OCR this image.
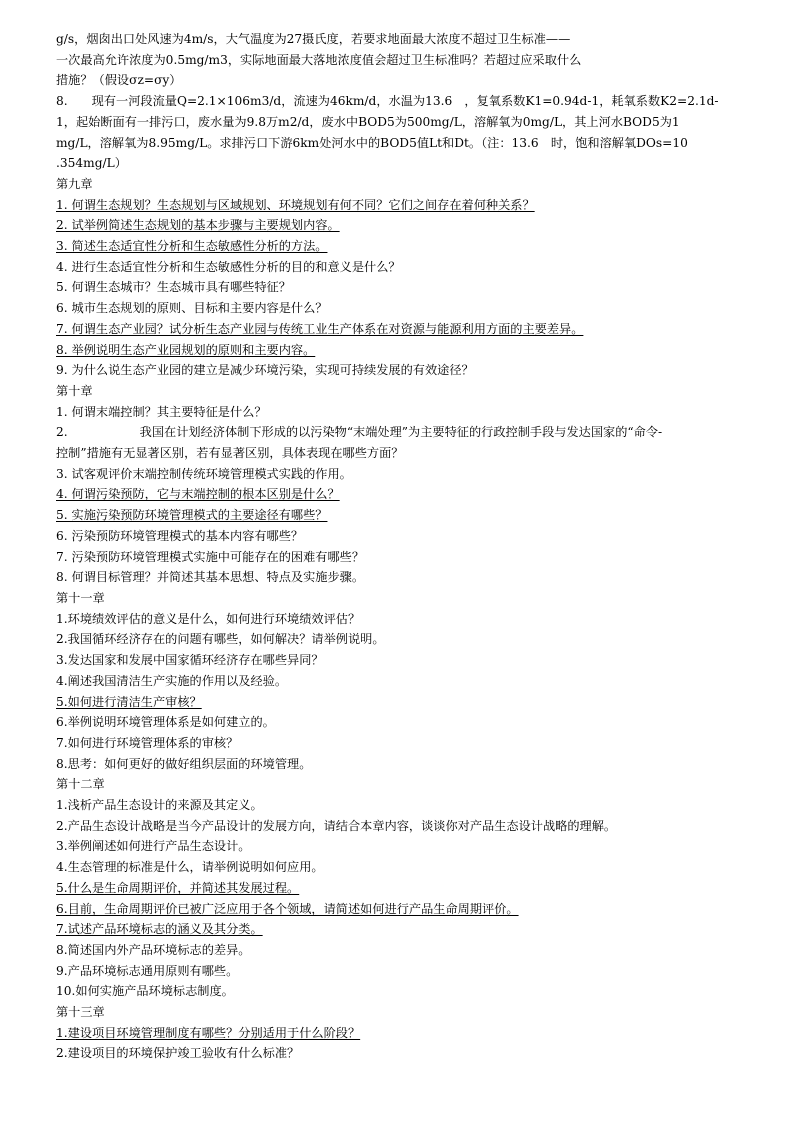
g/s，烟囱出口处风速为4m/s，大气温度为27摄氏度，若要求地面最大浓度不超过卫生标准——
一次最高允许浓度为0.5mg/m3，实际地面最大落地浓度值会超过卫生标准吗？若超过应采取什么
措施？（假设σz=σy）
8. 现有一河段流量Q=2.1×106m3/d，流速为46km/d，水温为13.6　，复氧系数K1=0.94d-1，耗氧系数K2=2.1d-
1，起始断面有一排污口，废水量为9.8万m2/d，废水中BOD5为500mg/L，溶解氧为0mg/L，其上河水BOD5为1
mg/L，溶解氧为8.95mg/L。求排污口下游6km处河水中的BOD5值Lt和Dt。（注：13.6　时，饱和溶解氧DOs=10
.354mg/L）
第九章
1. 何谓生态规划？生态规划与区域规划、环境规划有何不同？它们之间存在着何种关系？
2. 试举例简述生态规划的基本步骤与主要规划内容。
3. 简述生态适宜性分析和生态敏感性分析的方法。
4. 进行生态适宜性分析和生态敏感性分析的目的和意义是什么？
5. 何谓生态城市？生态城市具有哪些特征？
6. 城市生态规划的原则、目标和主要内容是什么？
7. 何谓生态产业园？试分析生态产业园与传统工业生产体系在对资源与能源利用方面的主要差异。
8. 举例说明生态产业园规划的原则和主要内容。
9. 为什么说生态产业园的建立是减少环境污染，实现可持续发展的有效途径？
第十章
1. 何谓末端控制？其主要特征是什么？
2.	我国在计划经济体制下形成的以污染物“末端处理”为主要特征的行政控制手段与发达国家的“命令-
控制”措施有无显著区别，若有显著区别，具体表现在哪些方面？
3. 试客观评价末端控制传统环境管理模式实践的作用。
4. 何谓污染预防，它与末端控制的根本区别是什么？
5. 实施污染预防环境管理模式的主要途径有哪些？
6. 污染预防环境管理模式的基本内容有哪些？
7. 污染预防环境管理模式实施中可能存在的困难有哪些？
8. 何谓目标管理？并简述其基本思想、特点及实施步骤。
第十一章
1.环境绩效评估的意义是什么，如何进行环境绩效评估？
2.我国循环经济存在的问题有哪些，如何解决？请举例说明。
3.发达国家和发展中国家循环经济存在哪些异同？
4.阐述我国清洁生产实施的作用以及经验。
5.如何进行清洁生产审核？
6.举例说明环境管理体系是如何建立的。
7.如何进行环境管理体系的审核？
8.思考：如何更好的做好组织层面的环境管理。
第十二章
1.浅析产品生态设计的来源及其定义。
2.产品生态设计战略是当今产品设计的发展方向，请结合本章内容，谈谈你对产品生态设计战略的理解。
3.举例阐述如何进行产品生态设计。
4.生态管理的标准是什么，请举例说明如何应用。
5.什么是生命周期评价，并简述其发展过程。
6.目前，生命周期评价已被广泛应用于各个领域，请简述如何进行产品生命周期评价。
7.试述产品环境标志的涵义及其分类。
8.简述国内外产品环境标志的差异。
9.产品环境标志通用原则有哪些。
10.如何实施产品环境标志制度。
第十三章
1.建设项目环境管理制度有哪些？分别适用于什么阶段？
2.建设项目的环境保护竣工验收有什么标准？
